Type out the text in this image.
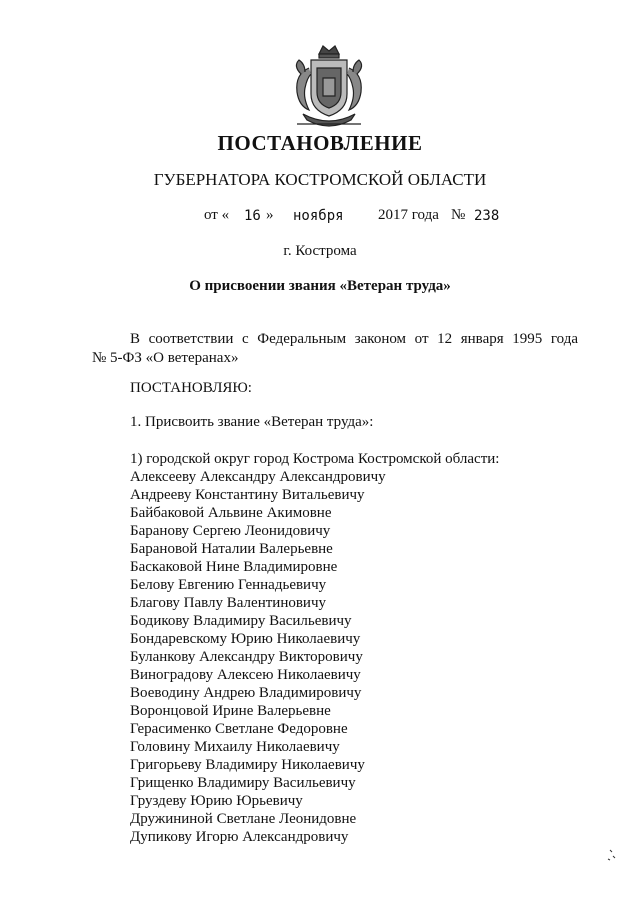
ПОСТАНОВЛЕНИЕ
ГУБЕРНАТОРА КОСТРОМСКОЙ ОБЛАСТИ
от « 16 » ноября 2017 года № 238
г. Кострома
О присвоении звания «Ветеран труда»
В соответствии с Федеральным законом от 12 января 1995 года
№ 5-ФЗ «О ветеранах»
ПОСТАНОВЛЯЮ:
1. Присвоить звание «Ветеран труда»:
1) городской округ город Кострома Костромской области:
Алексееву Александру Александровичу
Андрееву Константину Витальевичу
Байбаковой Альвине Акимовне
Баранову Сергею Леонидовичу
Барановой Наталии Валерьевне
Баскаковой Нине Владимировне
Белову Евгению Геннадьевичу
Благову Павлу Валентиновичу
Бодикову Владимиру Васильевичу
Бондаревскому Юрию Николаевичу
Буланкову Александру Викторовичу
Виноградову Алексею Николаевичу
Воеводину Андрею Владимировичу
Воронцовой Ирине Валерьевне
Герасименко Светлане Федоровне
Головину Михаилу Николаевичу
Григорьеву Владимиру Николаевичу
Грищенко Владимиру Васильевичу
Груздеву Юрию Юрьевичу
Дружининой Светлане Леонидовне
Дупикову Игорю Александровичу
